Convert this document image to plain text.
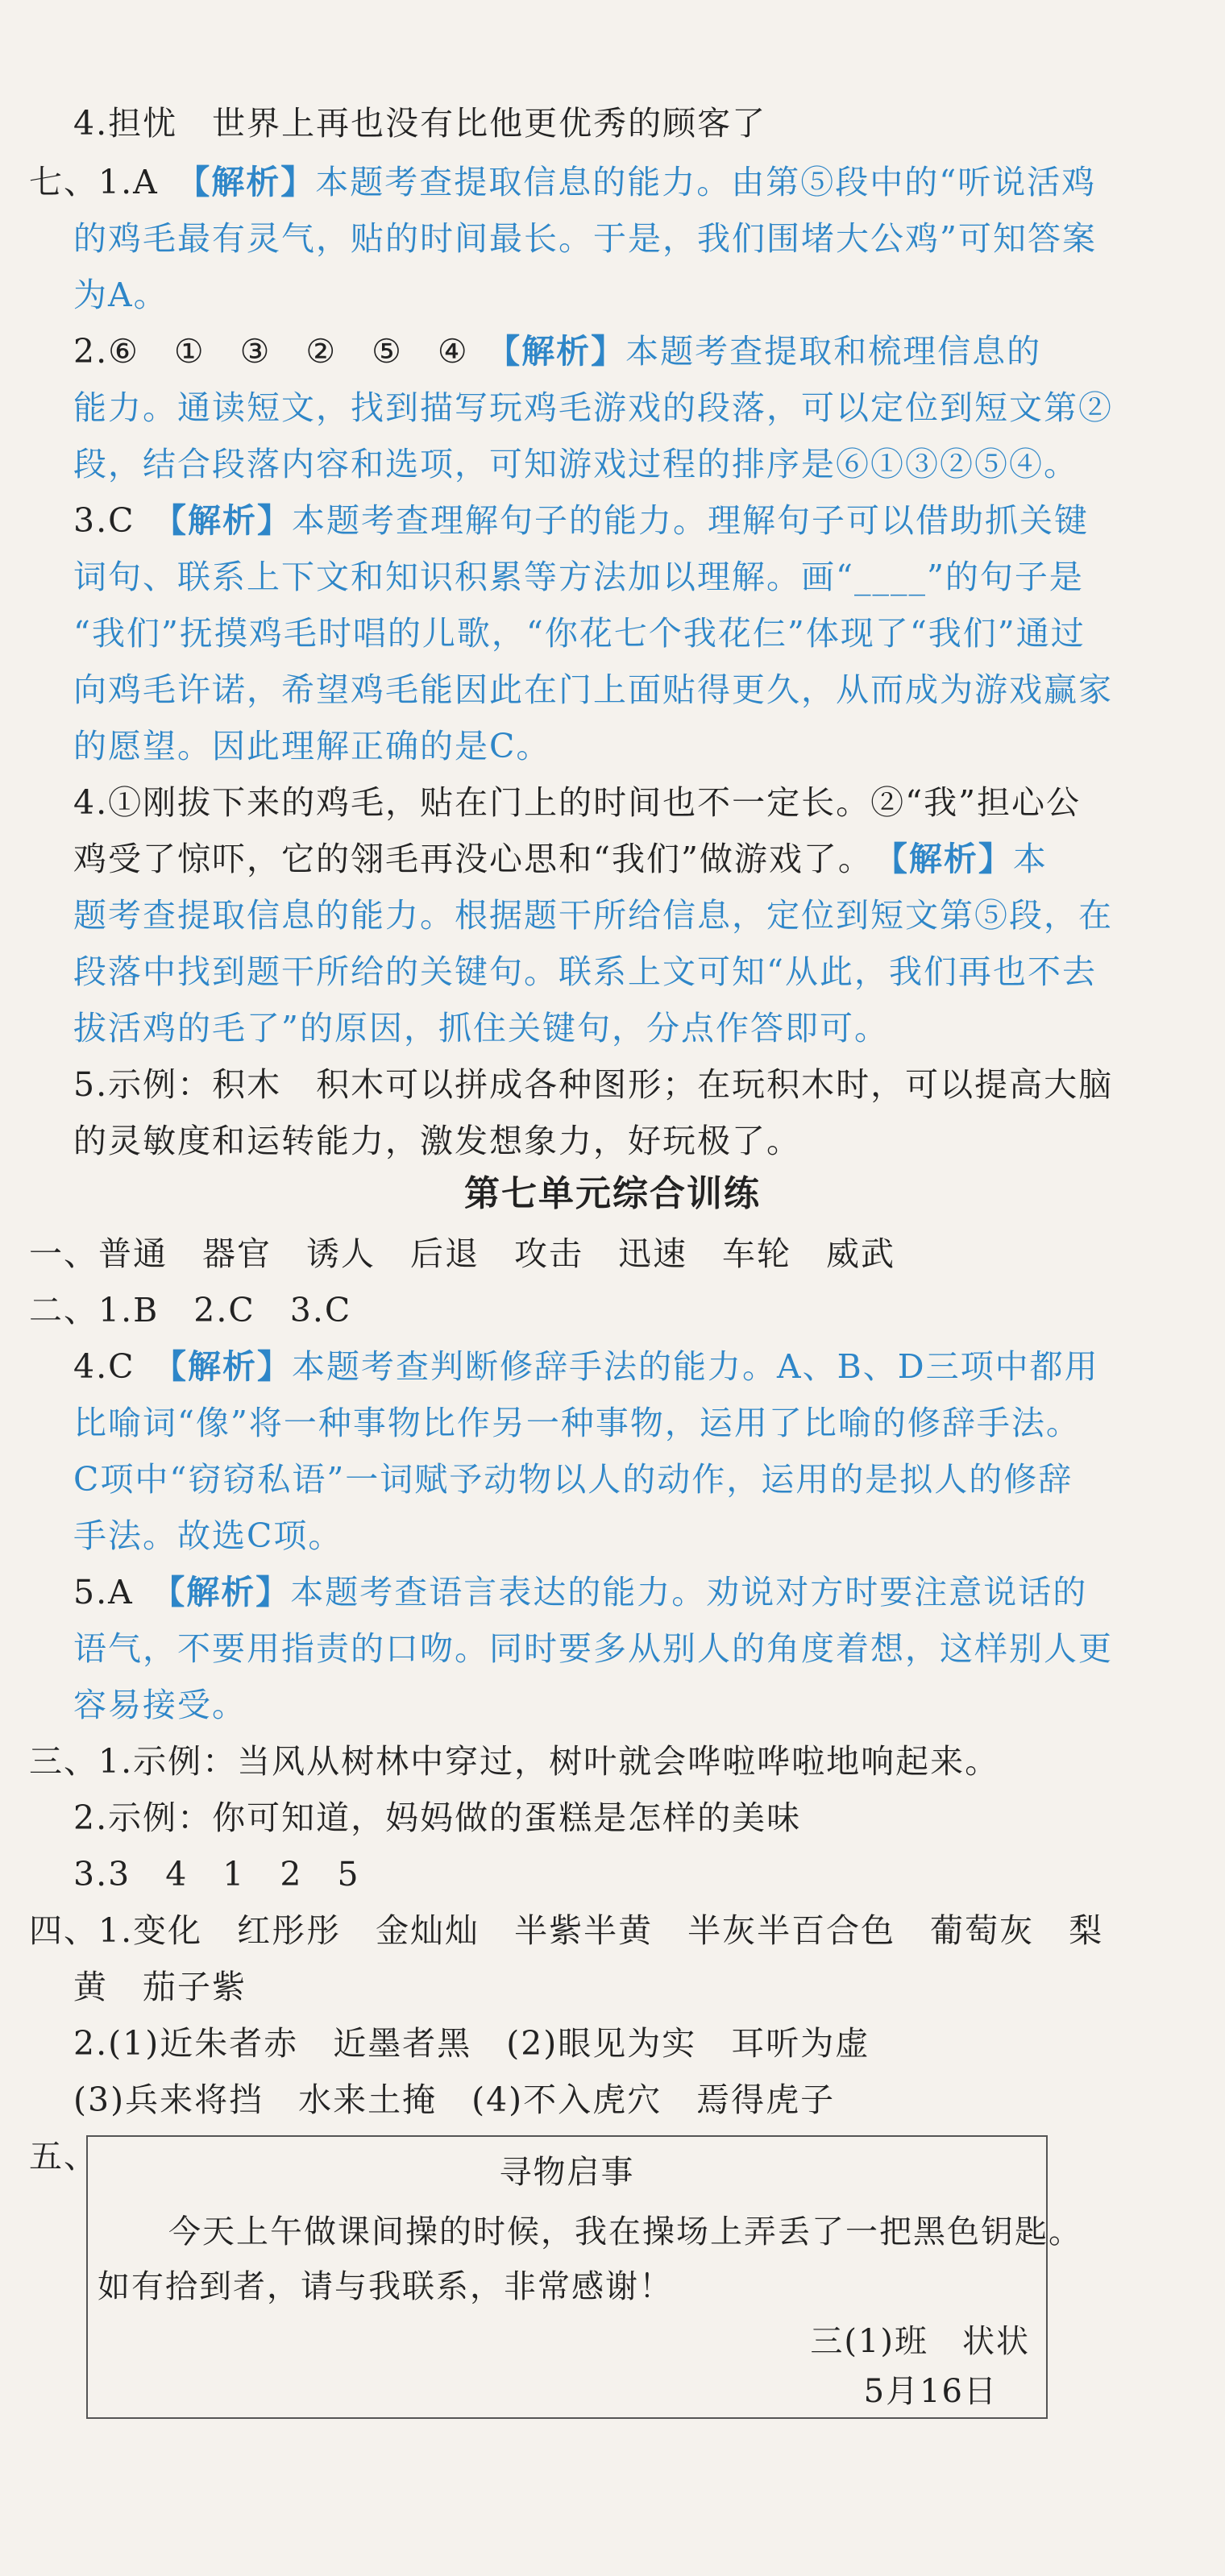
4.担忧　世界上再也没有比他更优秀的顾客了
七、1.A　【解析】本题考查提取信息的能力。由第⑤段中的“听说活鸡
的鸡毛最有灵气，贴的时间最长。于是，我们围堵大公鸡”可知答案
为A。
2.⑥　①　③　②　⑤　④　【解析】本题考查提取和梳理信息的
能力。通读短文，找到描写玩鸡毛游戏的段落，可以定位到短文第②
段，结合段落内容和选项，可知游戏过程的排序是⑥①③②⑤④。
3.C　【解析】本题考查理解句子的能力。理解句子可以借助抓关键
词句、联系上下文和知识积累等方法加以理解。画“____”的句子是
“我们”抚摸鸡毛时唱的儿歌，“你花七个我花仨”体现了“我们”通过
向鸡毛许诺，希望鸡毛能因此在门上面贴得更久，从而成为游戏赢家
的愿望。因此理解正确的是C。
4.①刚拔下来的鸡毛，贴在门上的时间也不一定长。②“我”担心公
鸡受了惊吓，它的翎毛再没心思和“我们”做游戏了。　 【解析】本
题考查提取信息的能力。根据题干所给信息，定位到短文第⑤段，在
段落中找到题干所给的关键句。联系上文可知“从此，我们再也不去
拔活鸡的毛了”的原因，抓住关键句，分点作答即可。
5.示例：积木　积木可以拼成各种图形；在玩积木时，可以提高大脑
的灵敏度和运转能力，激发想象力，好玩极了。
第七单元综合训练
一、普通　器官　诱人　后退　攻击　迅速　车轮　威武
二、1.B　2.C　3.C
4.C　【解析】本题考查判断修辞手法的能力。A、B、D三项中都用
比喻词“像”将一种事物比作另一种事物，运用了比喻的修辞手法。
C项中“窃窃私语”一词赋予动物以人的动作，运用的是拟人的修辞
手法。故选C项。
5.A　【解析】本题考查语言表达的能力。劝说对方时要注意说话的
语气，不要用指责的口吻。同时要多从别人的角度着想，这样别人更
容易接受。
三、1.示例：当风从树林中穿过，树叶就会哗啦哗啦地响起来。
2.示例：你可知道，妈妈做的蛋糕是怎样的美味
3.3　4　1　2　5
四、1.变化　红彤彤　金灿灿　半紫半黄　半灰半百合色　葡萄灰　梨
黄　茄子紫
2.(1)近朱者赤　近墨者黑　(2)眼见为实　耳听为虚
(3)兵来将挡　水来土掩　(4)不入虎穴　焉得虎子
五、	寻物启事
今天上午做课间操的时候，我在操场上弄丢了一把黑色钥匙。
如有拾到者，请与我联系，非常感谢！
三(1)班　状状
5月16日
